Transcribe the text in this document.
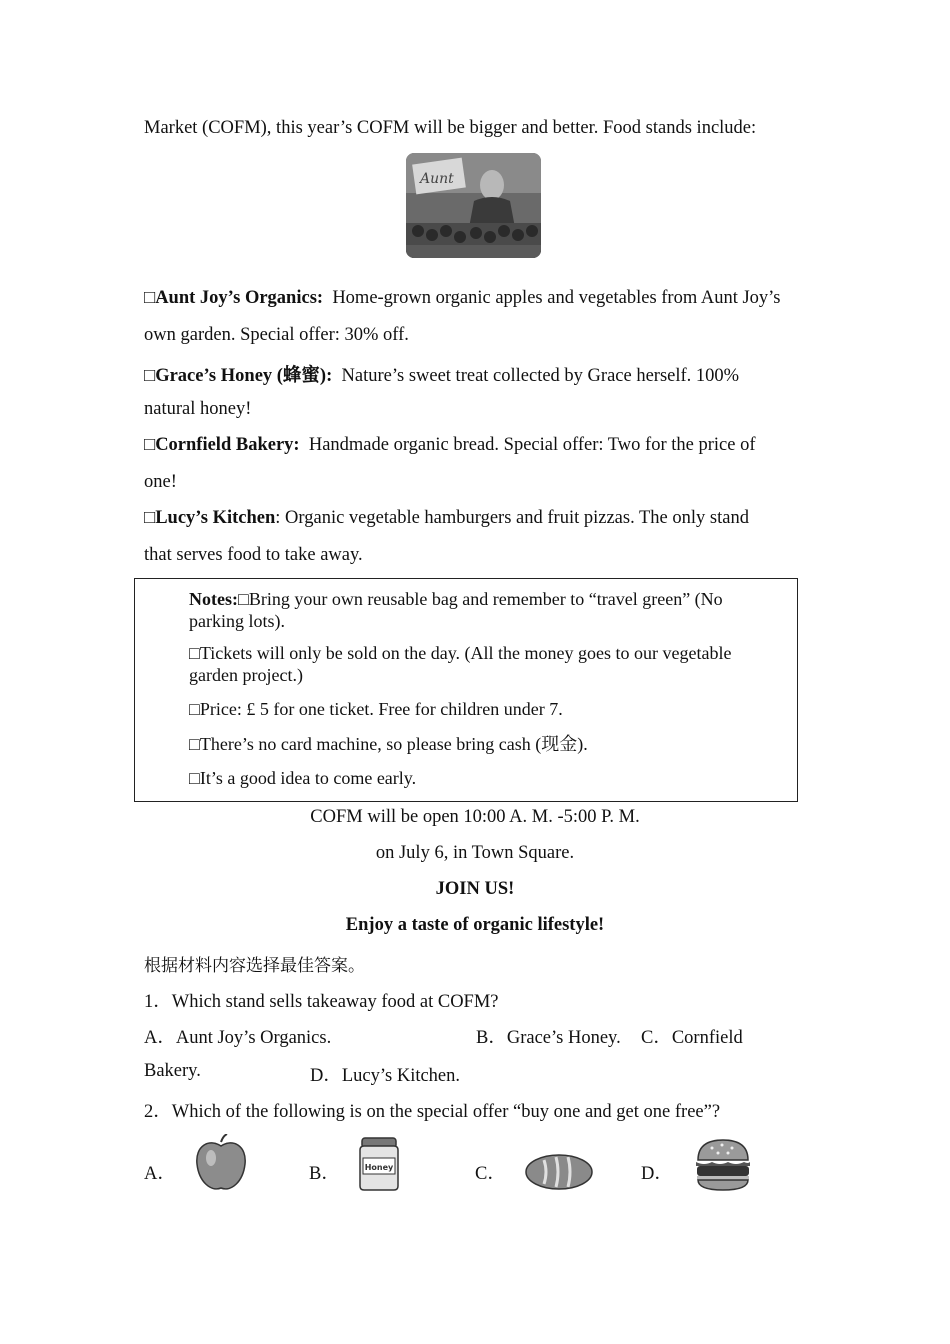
Market (COFM), this year’s COFM will be bigger and better. Food stands include:
Aunt
□Aunt Joy’s Organics: Home-grown organic apples and vegetables from Aunt Joy’s
own garden. Special offer: 30% off.
□Grace’s Honey (蜂蜜): Nature’s sweet treat collected by Grace herself. 100%
natural honey!
□Cornfield Bakery: Handmade organic bread. Special offer: Two for the price of
one!
□Lucy’s Kitchen: Organic vegetable hamburgers and fruit pizzas. The only stand
that serves food to take away.
Notes:□Bring your own reusable bag and remember to “travel green” (No parking lots).
□Tickets will only be sold on the day. (All the money goes to our vegetable garden project.)
□Price: £ 5 for one ticket. Free for children under 7.
□There’s no card machine, so please bring cash (现金).
□It’s a good idea to come early.
COFM will be open 10:00 A. M. -5:00 P. M.
on July 6, in Town Square.
JOIN US!
Enjoy a taste of organic lifestyle!
根据材料内容选择最佳答案。
1．Which stand sells takeaway food at COFM?
A．Aunt Joy’s Organics.	B．Grace’s Honey. C．Cornfield
Bakery.	D．Lucy’s Kitchen.
2．Which of the following is on the special offer “buy one and get one free”?
A．	B．	C．	D．
Honey
